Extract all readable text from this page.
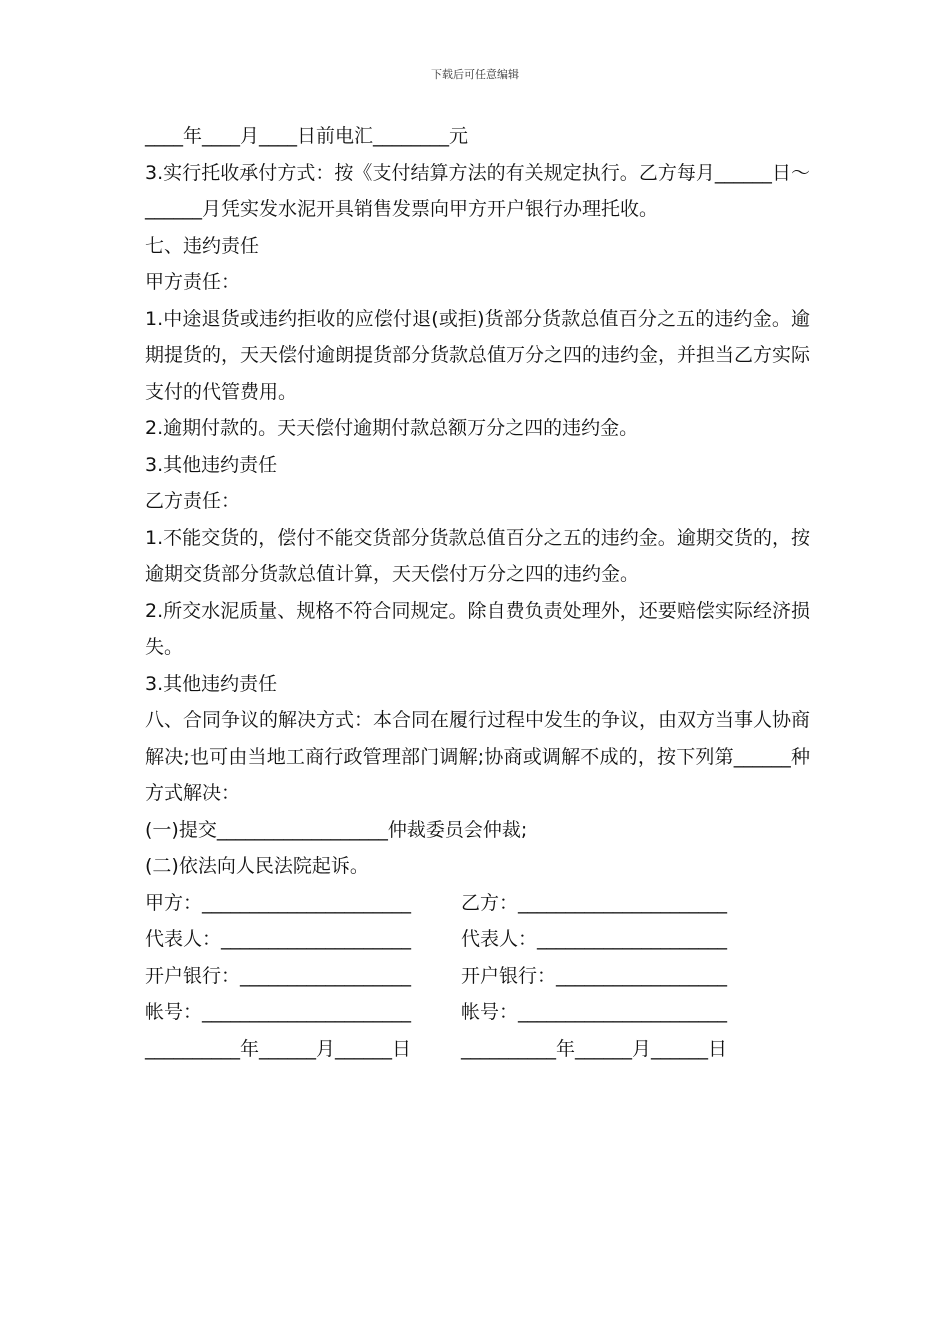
下载后可任意编辑

____年____月____日前电汇________元

3.实行托收承付方式：按《支付结算方法的有关规定执行。乙方每月______日～ ______月凭实发水泥开具销售发票向甲方开户银行办理托收。

七、违约责任

甲方责任：

1.中途退货或违约拒收的应偿付退(或拒)货部分货款总值百分之五的违约金。逾期提货的，天天偿付逾朗提货部分货款总值万分之四的违约金，并担当乙方实际支付的代管费用。

2.逾期付款的。天天偿付逾期付款总额万分之四的违约金。

3.其他违约责任

乙方责任：

1.不能交货的，偿付不能交货部分货款总值百分之五的违约金。逾期交货的，按逾期交货部分货款总值计算，天天偿付万分之四的违约金。

2.所交水泥质量、规格不符合同规定。除自费负责处理外，还要赔偿实际经济损失。

3.其他违约责任

八、合同争议的解决方式：本合同在履行过程中发生的争议，由双方当事人协商解决;也可由当地工商行政管理部门调解;协商或调解不成的，按下列第______种方式解决：

(一)提交__________________仲裁委员会仲裁;

(二)依法向人民法院起诉。

甲方：______________________	乙方：______________________
代表人：____________________	代表人：____________________
开户银行：__________________	开户银行：__________________
帐号：______________________	帐号：______________________
__________年______月______日	__________年______月______日
